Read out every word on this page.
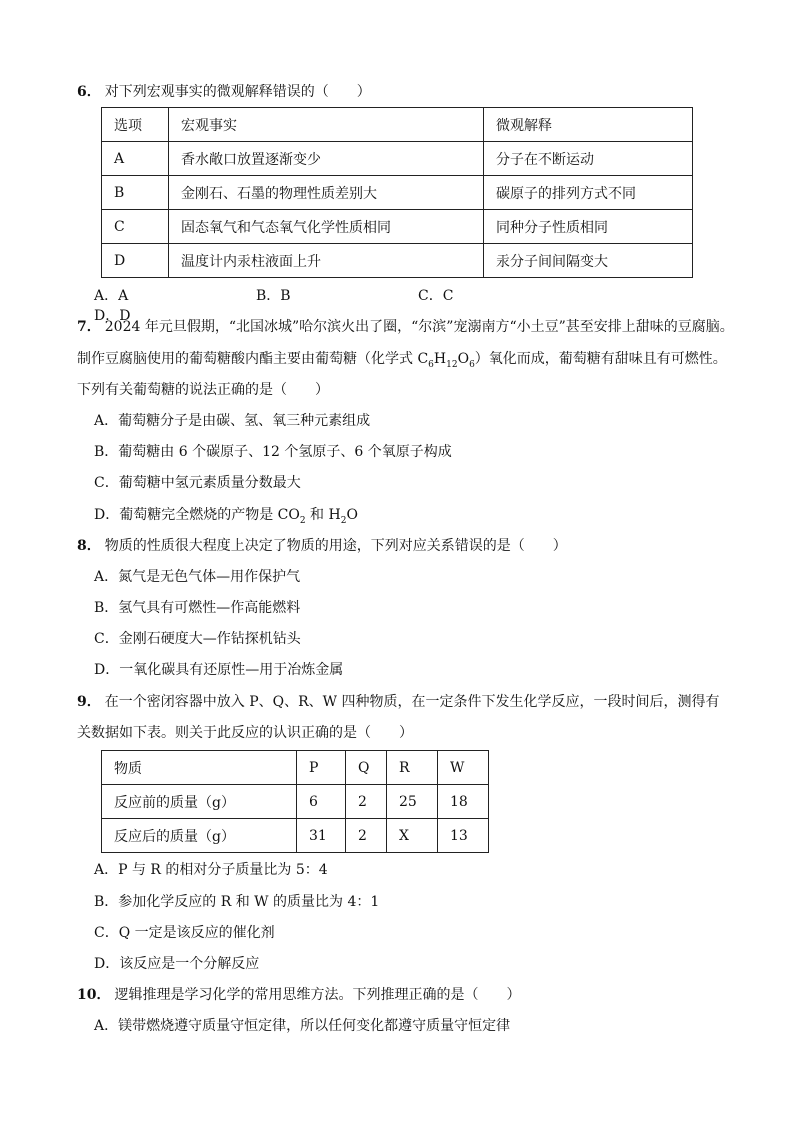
6． 对下列宏观事实的微观解释错误的（　　）
选项	宏观事实	微观解释
A	香水敞口放置逐渐变少	分子在不断运动
B	金刚石、石墨的物理性质差别大	碳原子的排列方式不同
C	固态氧气和气态氧气化学性质相同	同种分子性质相同
D	温度计内汞柱液面上升	汞分子间间隔变大
A．A	B．B	C．CD．D
7． 2024 年元旦假期，“北国冰城”哈尔滨火出了圈，“尔滨”宠溺南方“小土豆”甚至安排上甜味的豆腐脑。
制作豆腐脑使用的葡萄糖酸内酯主要由葡萄糖（化学式 $C_6H_{12}O_6$）氧化而成，葡萄糖有甜味且有可燃性。
下列有关葡萄糖的说法正确的是（　　）
A．葡萄糖分子是由碳、氢、氧三种元素组成
B．葡萄糖由 6 个碳原子、12 个氢原子、6 个氧原子构成
C．葡萄糖中氢元素质量分数最大
D．葡萄糖完全燃烧的产物是 $CO_2$ 和 $H_2O$
8． 物质的性质很大程度上决定了物质的用途，下列对应关系错误的是（　　）
A．氮气是无色气体—用作保护气
B．氢气具有可燃性—作高能燃料
C．金刚石硬度大—作钻探机钻头
D．一氧化碳具有还原性—用于冶炼金属
9． 在一个密闭容器中放入 P、Q、R、W 四种物质，在一定条件下发生化学反应，一段时间后，测得有
关数据如下表。则关于此反应的认识正确的是（　　）
物质	P	Q	R	W
反应前的质量（g）	6	2	25	18
反应后的质量（g）	31	2	X	13
A．P 与 R 的相对分子质量比为 5：4
B．参加化学反应的 R 和 W 的质量比为 4：1
C．Q 一定是该反应的催化剂
D．该反应是一个分解反应
10． 逻辑推理是学习化学的常用思维方法。下列推理正确的是（　　）
A．镁带燃烧遵守质量守恒定律，所以任何变化都遵守质量守恒定律
